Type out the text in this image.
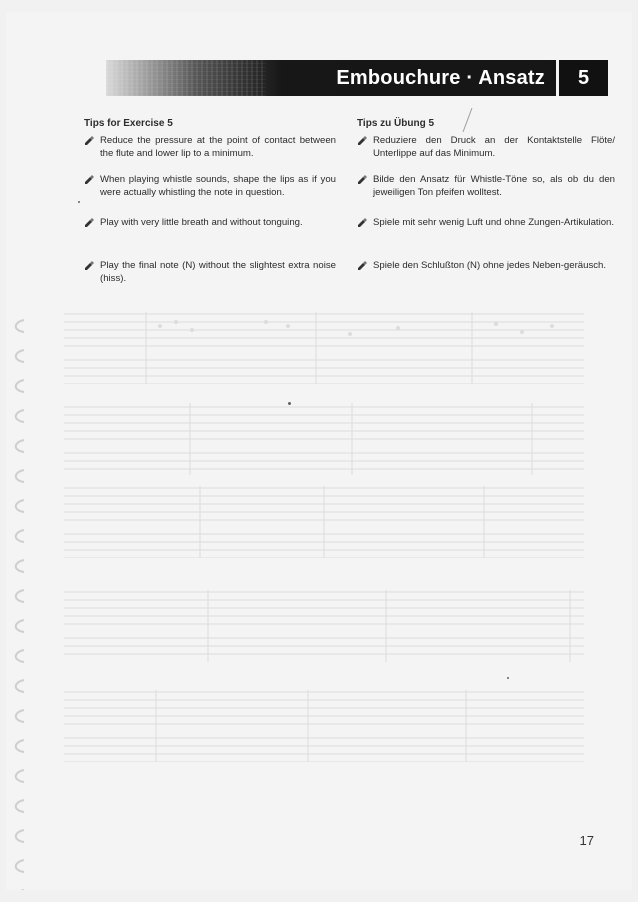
Embouchure · Ansatz	5
Tips for Exercise 5	Tips zu Übung 5
Reduce the pressure at the point of contact between the flute and lower lip to a minimum.
When playing whistle sounds, shape the lips as if you were actually whistling the note in question.
Play with very little breath and without tonguing.
Play the final note (N) without the slightest extra noise (hiss).
Reduziere den Druck an der Kontaktstelle Flöte/ Unterlippe auf das Minimum.
Bilde den Ansatz für Whistle-Töne so, als ob du den jeweiligen Ton pfeifen wolltest.
Spiele mit sehr wenig Luft und ohne Zungen-Artikulation.
Spiele den Schlußton (N) ohne jedes Neben-geräusch.
17
